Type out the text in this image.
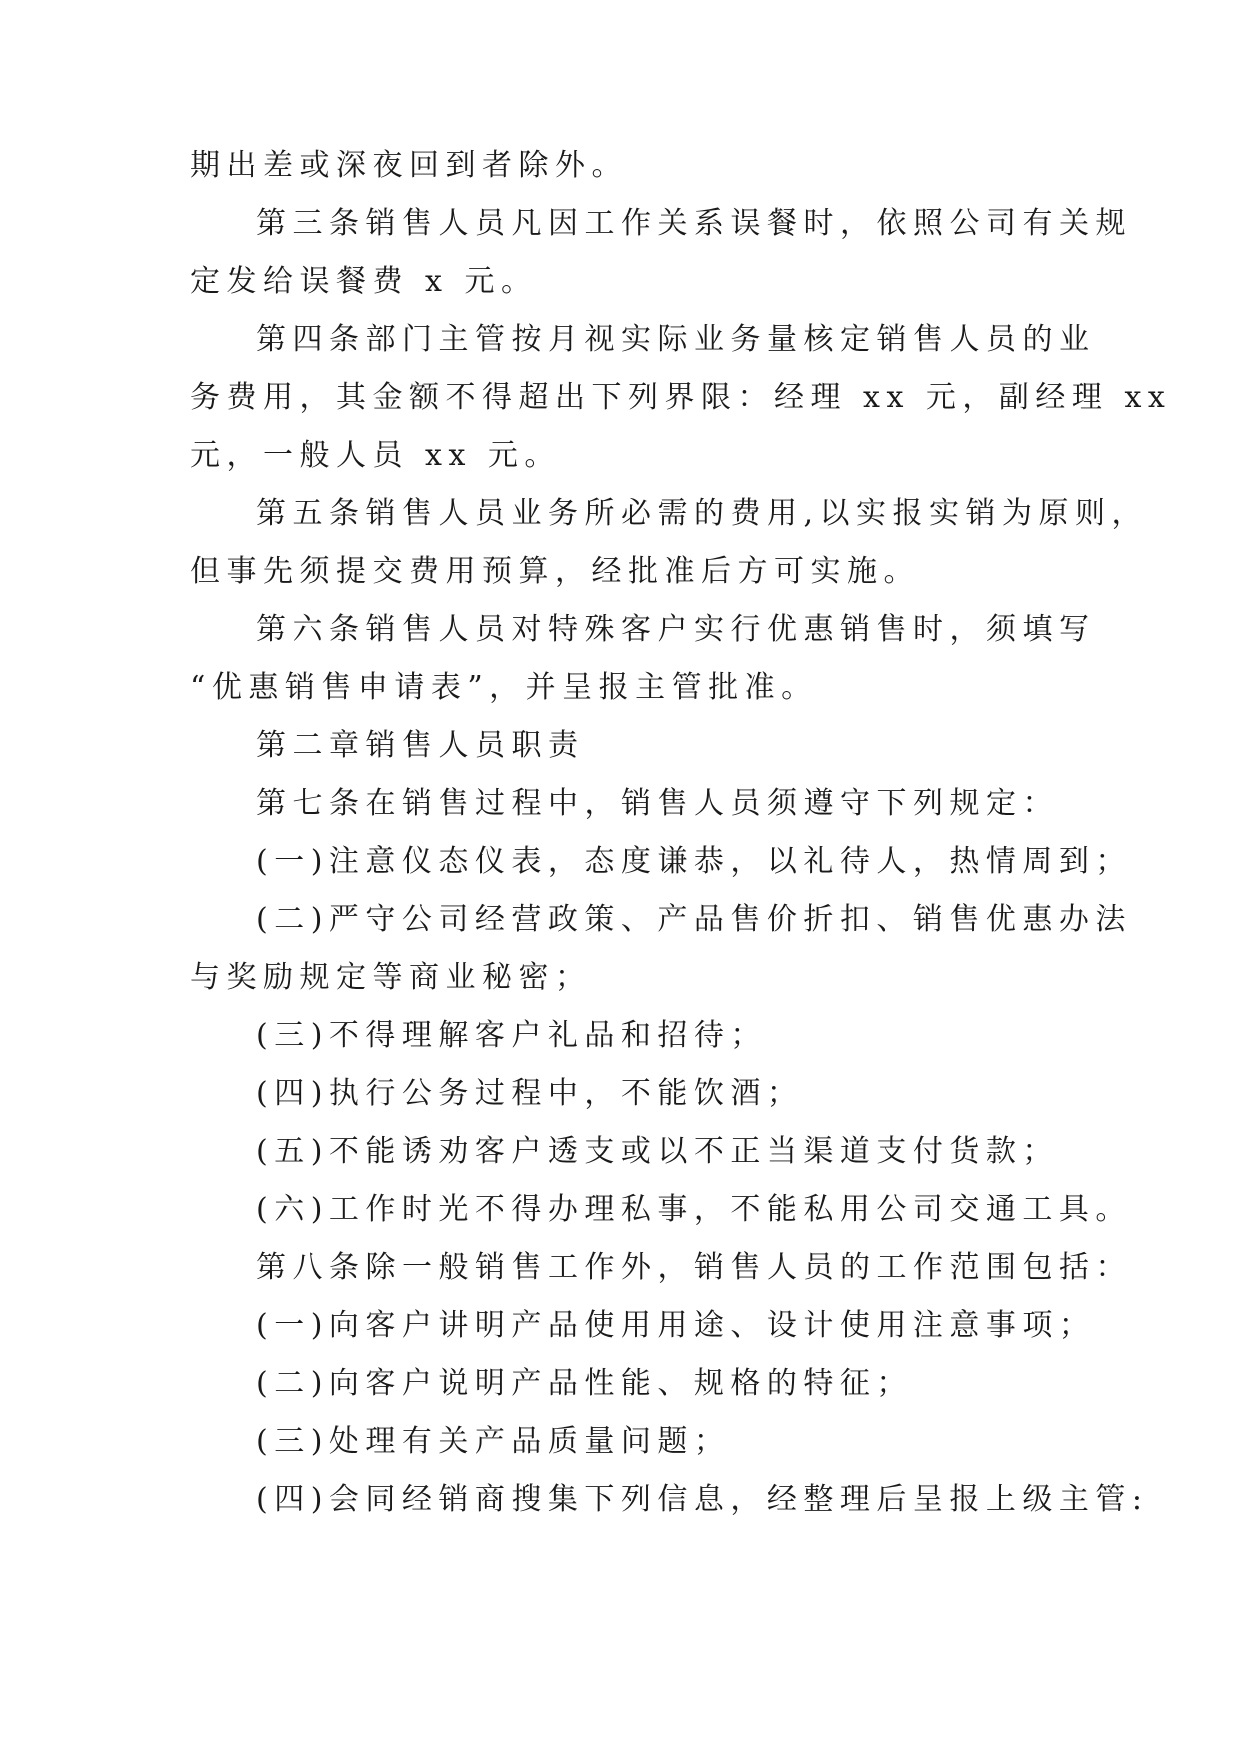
期出差或深夜回到者除外。
第三条销售人员凡因工作关系误餐时，依照公司有关规
定发给误餐费 x 元。
第四条部门主管按月视实际业务量核定销售人员的业
务费用，其金额不得超出下列界限：经理 xx 元，副经理 xx
元，一般人员 xx 元。
第五条销售人员业务所必需的费用,以实报实销为原则，
但事先须提交费用预算，经批准后方可实施。
第六条销售人员对特殊客户实行优惠销售时，须填写
“优惠销售申请表”，并呈报主管批准。
第二章销售人员职责
第七条在销售过程中，销售人员须遵守下列规定：
(一)注意仪态仪表，态度谦恭，以礼待人，热情周到；
(二)严守公司经营政策、产品售价折扣、销售优惠办法
与奖励规定等商业秘密；
(三)不得理解客户礼品和招待；
(四)执行公务过程中，不能饮酒；
(五)不能诱劝客户透支或以不正当渠道支付货款；
(六)工作时光不得办理私事，不能私用公司交通工具。
第八条除一般销售工作外，销售人员的工作范围包括：
(一)向客户讲明产品使用用途、设计使用注意事项；
(二)向客户说明产品性能、规格的特征；
(三)处理有关产品质量问题；
(四)会同经销商搜集下列信息，经整理后呈报上级主管:
